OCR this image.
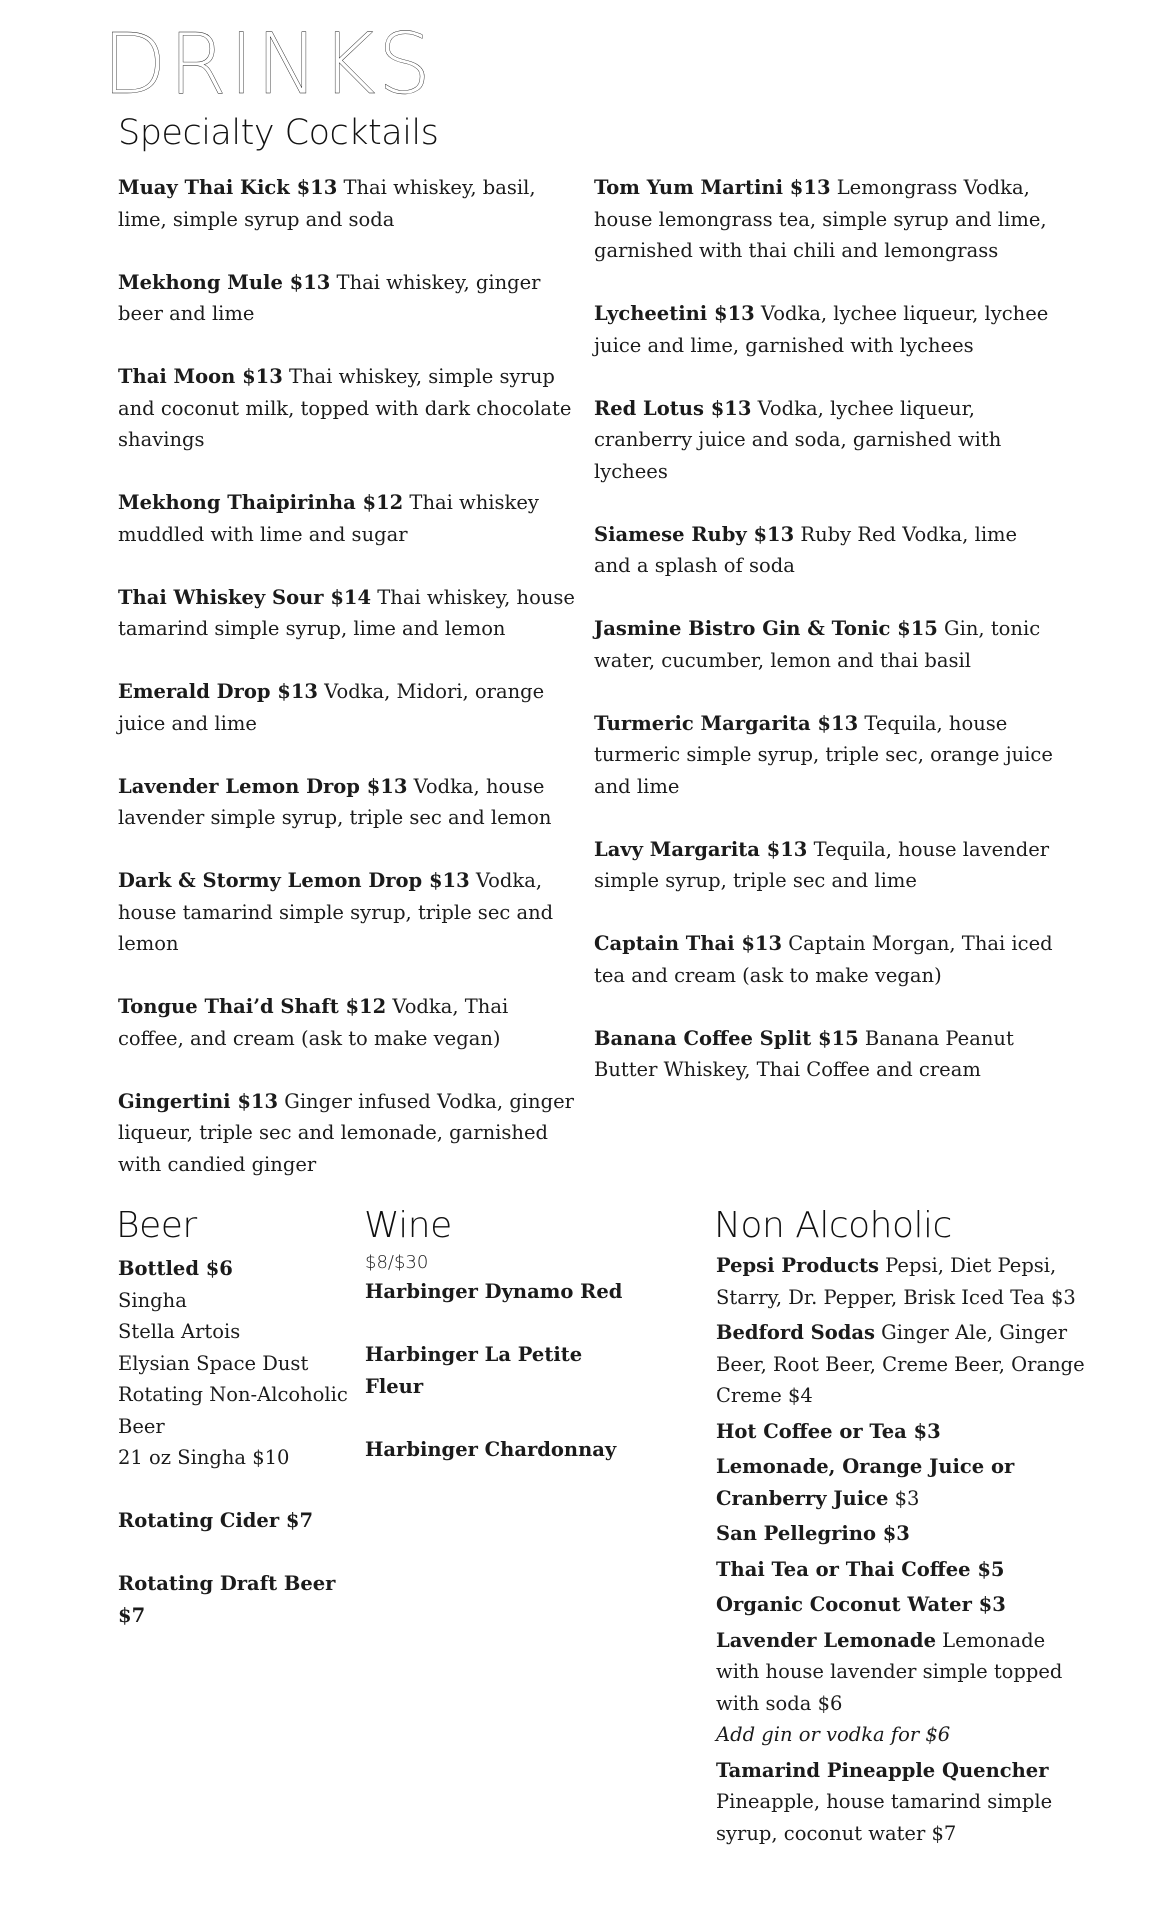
DRINKS
Specialty Cocktails

Muay Thai Kick $13 Thai whiskey, basil, lime, simple syrup and soda

Mekhong Mule $13 Thai whiskey, ginger beer and lime

Thai Moon $13 Thai whiskey, simple syrup and coconut milk, topped with dark chocolate shavings

Mekhong Thaipirinha $12 Thai whiskey muddled with lime and sugar

Thai Whiskey Sour $14 Thai whiskey, house tamarind simple syrup, lime and lemon

Emerald Drop $13 Vodka, Midori, orange juice and lime

Lavender Lemon Drop $13 Vodka, house lavender simple syrup, triple sec and lemon

Dark & Stormy Lemon Drop $13 Vodka, house tamarind simple syrup, triple sec and lemon

Tongue Thai’d Shaft $12 Vodka, Thai coffee, and cream (ask to make vegan)

Gingertini $13 Ginger infused Vodka, ginger liqueur, triple sec and lemonade, garnished with candied ginger

Tom Yum Martini $13 Lemongrass Vodka, house lemongrass tea, simple syrup and lime, garnished with thai chili and lemongrass

Lycheetini $13 Vodka, lychee liqueur, lychee juice and lime, garnished with lychees

Red Lotus $13 Vodka, lychee liqueur, cranberry juice and soda, garnished with lychees

Siamese Ruby $13 Ruby Red Vodka, lime and a splash of soda

Jasmine Bistro Gin & Tonic $15 Gin, tonic water, cucumber, lemon and thai basil

Turmeric Margarita $13 Tequila, house turmeric simple syrup, triple sec, orange juice and lime

Lavy Margarita $13 Tequila, house lavender simple syrup, triple sec and lime

Captain Thai $13 Captain Morgan, Thai iced tea and cream (ask to make vegan)

Banana Coffee Split $15 Banana Peanut Butter Whiskey, Thai Coffee and cream

Beer

Bottled $6

Singha

Stella Artois

Elysian Space Dust

Rotating Non-Alcoholic Beer

21 oz Singha $10

Rotating Cider $7

Rotating Draft Beer $7

Wine

$8/$30

Harbinger Dynamo Red

Harbinger La Petite Fleur

Harbinger Chardonnay

Non Alcoholic

Pepsi Products Pepsi, Diet Pepsi, Starry, Dr. Pepper, Brisk Iced Tea $3

Bedford Sodas Ginger Ale, Ginger Beer, Root Beer, Creme Beer, Orange Creme $4

Hot Coffee or Tea $3

Lemonade, Orange Juice or Cranberry Juice $3

San Pellegrino $3

Thai Tea or Thai Coffee $5

Organic Coconut Water $3

Lavender Lemonade Lemonade with house lavender simple topped with soda $6

Add gin or vodka for $6

Tamarind Pineapple Quencher
Pineapple, house tamarind simple syrup, coconut water $7
